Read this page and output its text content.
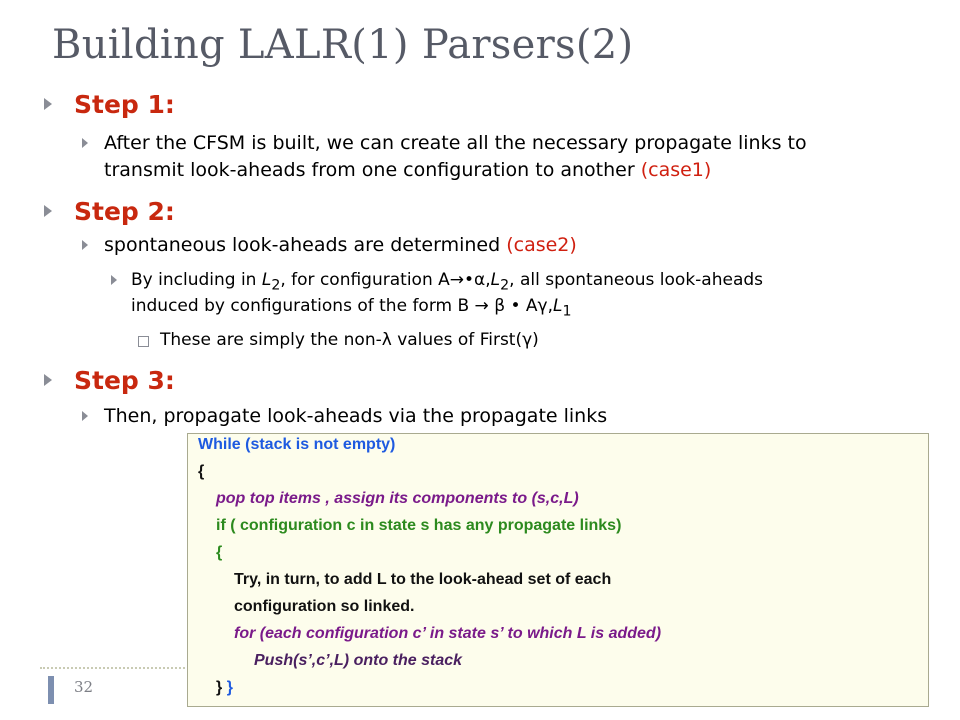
Building LALR(1) Parsers(2)
Step 1:
After the CFSM is built, we can create all the necessary propagate links to
transmit look-aheads from one configuration to another (case1)
Step 2:
spontaneous look-aheads are determined (case2)
By including in $L_2$, for configuration $A\to•\alpha,L_2$, all spontaneous look-aheads
induced by configurations of the form B → β • $A\gamma,L_1$
These are simply the non-λ values of First(γ)
Step 3:
Then, propagate look-aheads via the propagate links
32
While (stack is not empty)
{
pop top items , assign its components to (s,c,L)
if ( configuration c in state s has any propagate links)
{
Try, in turn, to add L to the look-ahead set of each
configuration so linked.
for (each configuration c’ in state s’ to which L is added)
Push(s’,c’,L) onto the stack
} }
